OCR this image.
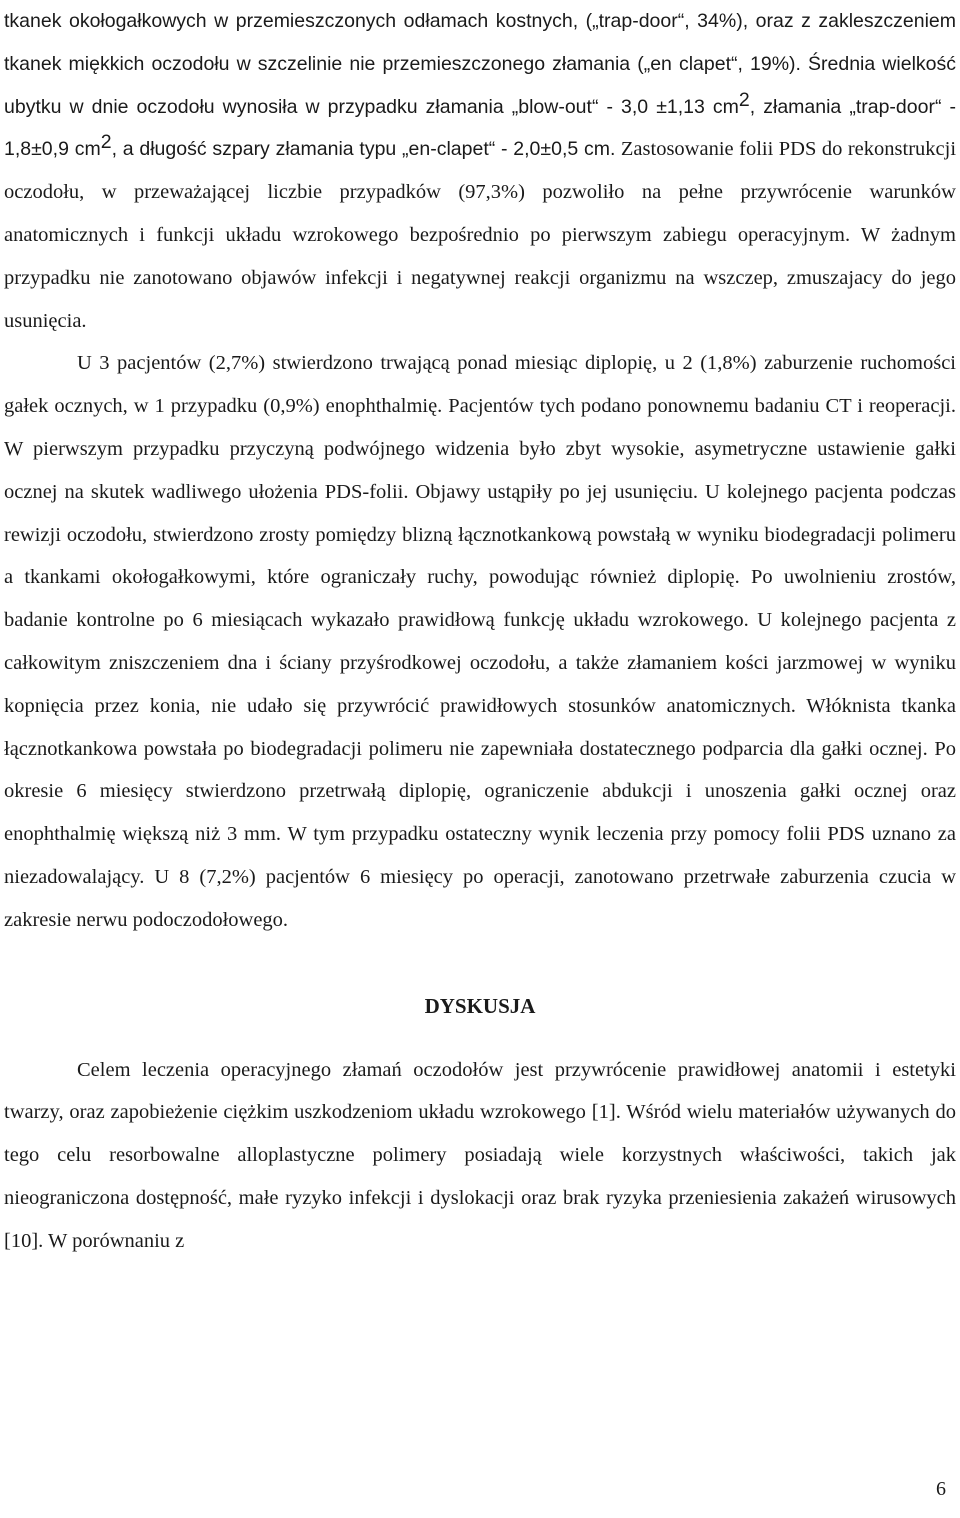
tkanek okołogałkowych w przemieszczonych odłamach kostnych, („trap-door“, 34%), oraz z zakleszczeniem tkanek miękkich oczodołu w szczelinie nie przemieszczonego złamania („en clapet“, 19%). Średnia wielkość ubytku w dnie oczodołu wynosiła w przypadku złamania „blow-out“ - 3,0 ±1,13 $cm^2$, złamania „trap-door“ - 1,8±0,9 $cm^2$, a długość szpary złamania typu „en-clapet“ - 2,0±0,5 cm. Zastosowanie folii PDS do rekonstrukcji oczodołu, w przeważającej liczbie przypadków (97,3%) pozwoliło na pełne przywrócenie warunków anatomicznych i funkcji układu wzrokowego bezpośrednio po pierwszym zabiegu operacyjnym. W żadnym przypadku nie zanotowano objawów infekcji i negatywnej reakcji organizmu na wszczep, zmuszajacy do jego usunięcia.

U 3 pacjentów (2,7%) stwierdzono trwającą ponad miesiąc diplopię, u 2 (1,8%) zaburzenie ruchomości gałek ocznych, w 1 przypadku (0,9%) enophthalmię. Pacjentów tych podano ponownemu badaniu CT i reoperacji. W pierwszym przypadku przyczyną podwójnego widzenia było zbyt wysokie, asymetryczne ustawienie gałki ocznej na skutek wadliwego ułożenia PDS-folii. Objawy ustąpiły po jej usunięciu. U kolejnego pacjenta podczas rewizji oczodołu, stwierdzono zrosty pomiędzy blizną łącznotkankową powstałą w wyniku biodegradacji polimeru a tkankami okołogałkowymi, które ograniczały ruchy, powodując również diplopię. Po uwolnieniu zrostów, badanie kontrolne po 6 miesiącach wykazało prawidłową funkcję układu wzrokowego. U kolejnego pacjenta z całkowitym zniszczeniem dna i ściany przyśrodkowej oczodołu, a także złamaniem kości jarzmowej w wyniku kopnięcia przez konia, nie udało się przywrócić prawidłowych stosunków anatomicznych. Włóknista tkanka łącznotkankowa powstała po biodegradacji polimeru nie zapewniała dostatecznego podparcia dla gałki ocznej. Po okresie 6 miesięcy stwierdzono przetrwałą diplopię, ograniczenie abdukcji i unoszenia gałki ocznej oraz enophthalmię większą niż 3 mm. W tym przypadku ostateczny wynik leczenia przy pomocy folii PDS uznano za niezadowalający. U 8 (7,2%) pacjentów 6 miesięcy po operacji, zanotowano przetrwałe zaburzenia czucia w zakresie nerwu podoczodołowego.

DYSKUSJA

Celem leczenia operacyjnego złamań oczodołów jest przywrócenie prawidłowej anatomii i estetyki twarzy, oraz zapobieżenie ciężkim uszkodzeniom układu wzrokowego [1]. Wśród wielu materiałów używanych do tego celu resorbowalne alloplastyczne polimery posiadają wiele korzystnych właściwości, takich jak nieograniczona dostępność, małe ryzyko infekcji i dyslokacji oraz brak ryzyka przeniesienia zakażeń wirusowych [10]. W porównaniu z

6
